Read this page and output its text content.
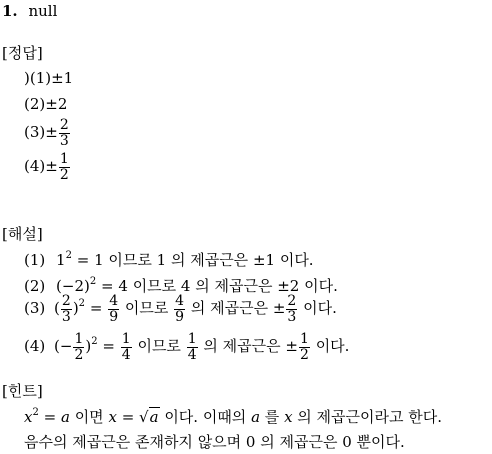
1. null
[정답]
)(1)±1
(2)±2
$(3)\pm \frac{2}{3}$
$(4)\pm \frac{1}{2}$
[해설]
(1) $1^2 = 1$ 이므로 1 의 제곱근은 ±1 이다.
(2) $(-2)^2 = 4$ 이므로 4 의 제곱근은 ±2 이다.
(3) ( $\frac{2}{3} )^2 = \frac{4}{9}$ 이므로 $\frac{4}{9}$ 의 제곱근은 ± $\frac{2}{3}$ 이다.
(4) (− $\frac{1}{2} )^2 = \frac{1}{4}$ 이므로 $\frac{1}{4}$ 의 제곱근은 ± $\frac{1}{2}$ 이다.
[힌트]
$x^2 = a$ 이면 x = √a 이다. 이때의 a 를 x 의 제곱근이라고 한다.
음수의 제곱근은 존재하지 않으며 0 의 제곱근은 0 뿐이다.
